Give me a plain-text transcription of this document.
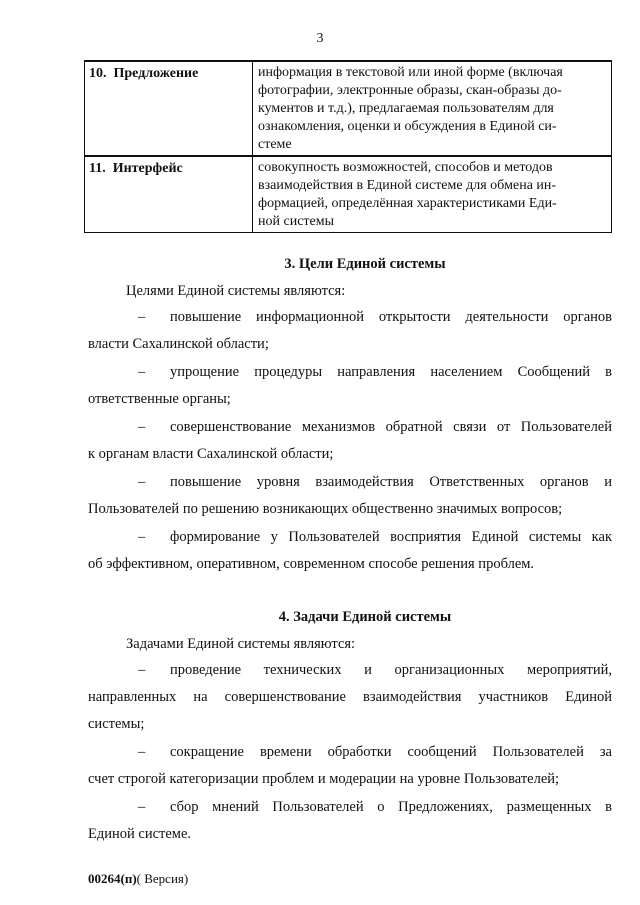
3
10.  Предложение	информация в текстовой или иной форме (включая
фотографии, электронные образы, скан-образы до-
кументов и т.д.), предлагаемая пользователям для
ознакомления, оценки и обсуждения в Единой си-
стеме

11.  Интерфейс	совокупность возможностей, способов и методов
взаимодействия в Единой системе для обмена ин-
формацией, определённая характеристиками Еди-
ной системы
3. Цели Единой системы
Целями Единой системы являются:
– повышение информационной открытости деятельности органов
власти Сахалинской области;
– упрощение процедуры направления населением Сообщений в
ответственные органы;
– совершенствование механизмов обратной связи от Пользователей
к органам власти Сахалинской области;
– повышение уровня взаимодействия Ответственных органов и
Пользователей по решению возникающих общественно значимых вопросов;
– формирование у Пользователей восприятия Единой системы как
об эффективном, оперативном, современном способе решения проблем.
4. Задачи Единой системы
Задачами Единой системы являются:
– проведение технических и организационных мероприятий,
направленных на совершенствование взаимодействия участников Единой
системы;
– сокращение времени обработки сообщений Пользователей за
счет строгой категоризации проблем и модерации на уровне Пользователей;
– сбор мнений Пользователей о Предложениях, размещенных в
Единой системе.
00264(п)( Версия)
